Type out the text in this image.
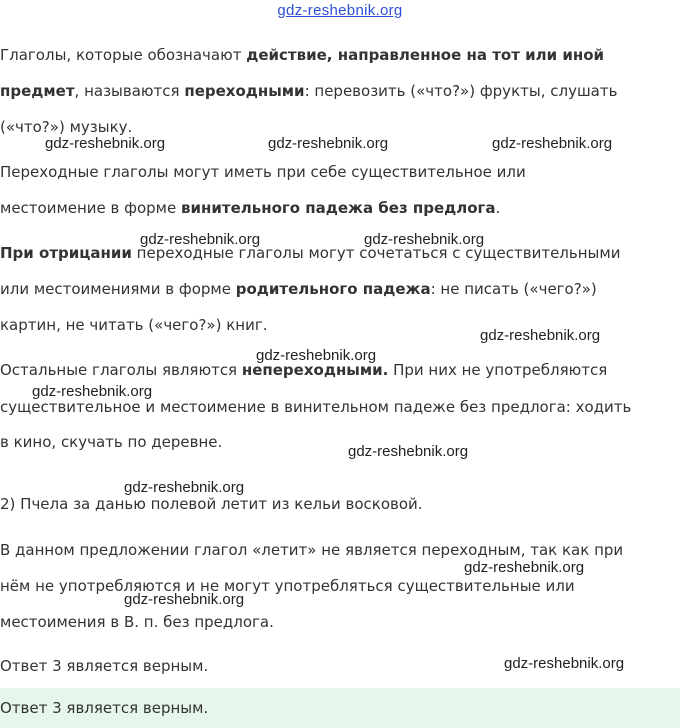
gdz-reshebnik.org
Глаголы, которые обозначают действие, направленное на тот или иной
предмет, называются переходными: перевозить («что?») фрукты, слушать
(«что?») музыку.
Переходные глаголы могут иметь при себе существительное или
местоимение в форме винительного падежа без предлога.
При отрицании переходные глаголы могут сочетаться с существительными
или местоимениями в форме родительного падежа: не писать («чего?»)
картин, не читать («чего?») книг.
Остальные глаголы являются непереходными. При них не употребляются
существительное и местоимение в винительном падеже без предлога: ходить
в кино, скучать по деревне.
2) Пчела за данью полевой летит из кельи восковой.
В данном предложении глагол «летит» не является переходным, так как при
нём не употребляются и не могут употребляться существительные или
местоимения в В. п. без предлога.
Ответ 3 является верным.
Ответ 3 является верным.
gdz-reshebnik.org	gdz-reshebnik.org	gdz-reshebnik.org
gdz-reshebnik.org	gdz-reshebnik.org
gdz-reshebnik.org
gdz-reshebnik.org
gdz-reshebnik.org
gdz-reshebnik.org
gdz-reshebnik.org
gdz-reshebnik.org
gdz-reshebnik.org
gdz-reshebnik.org
